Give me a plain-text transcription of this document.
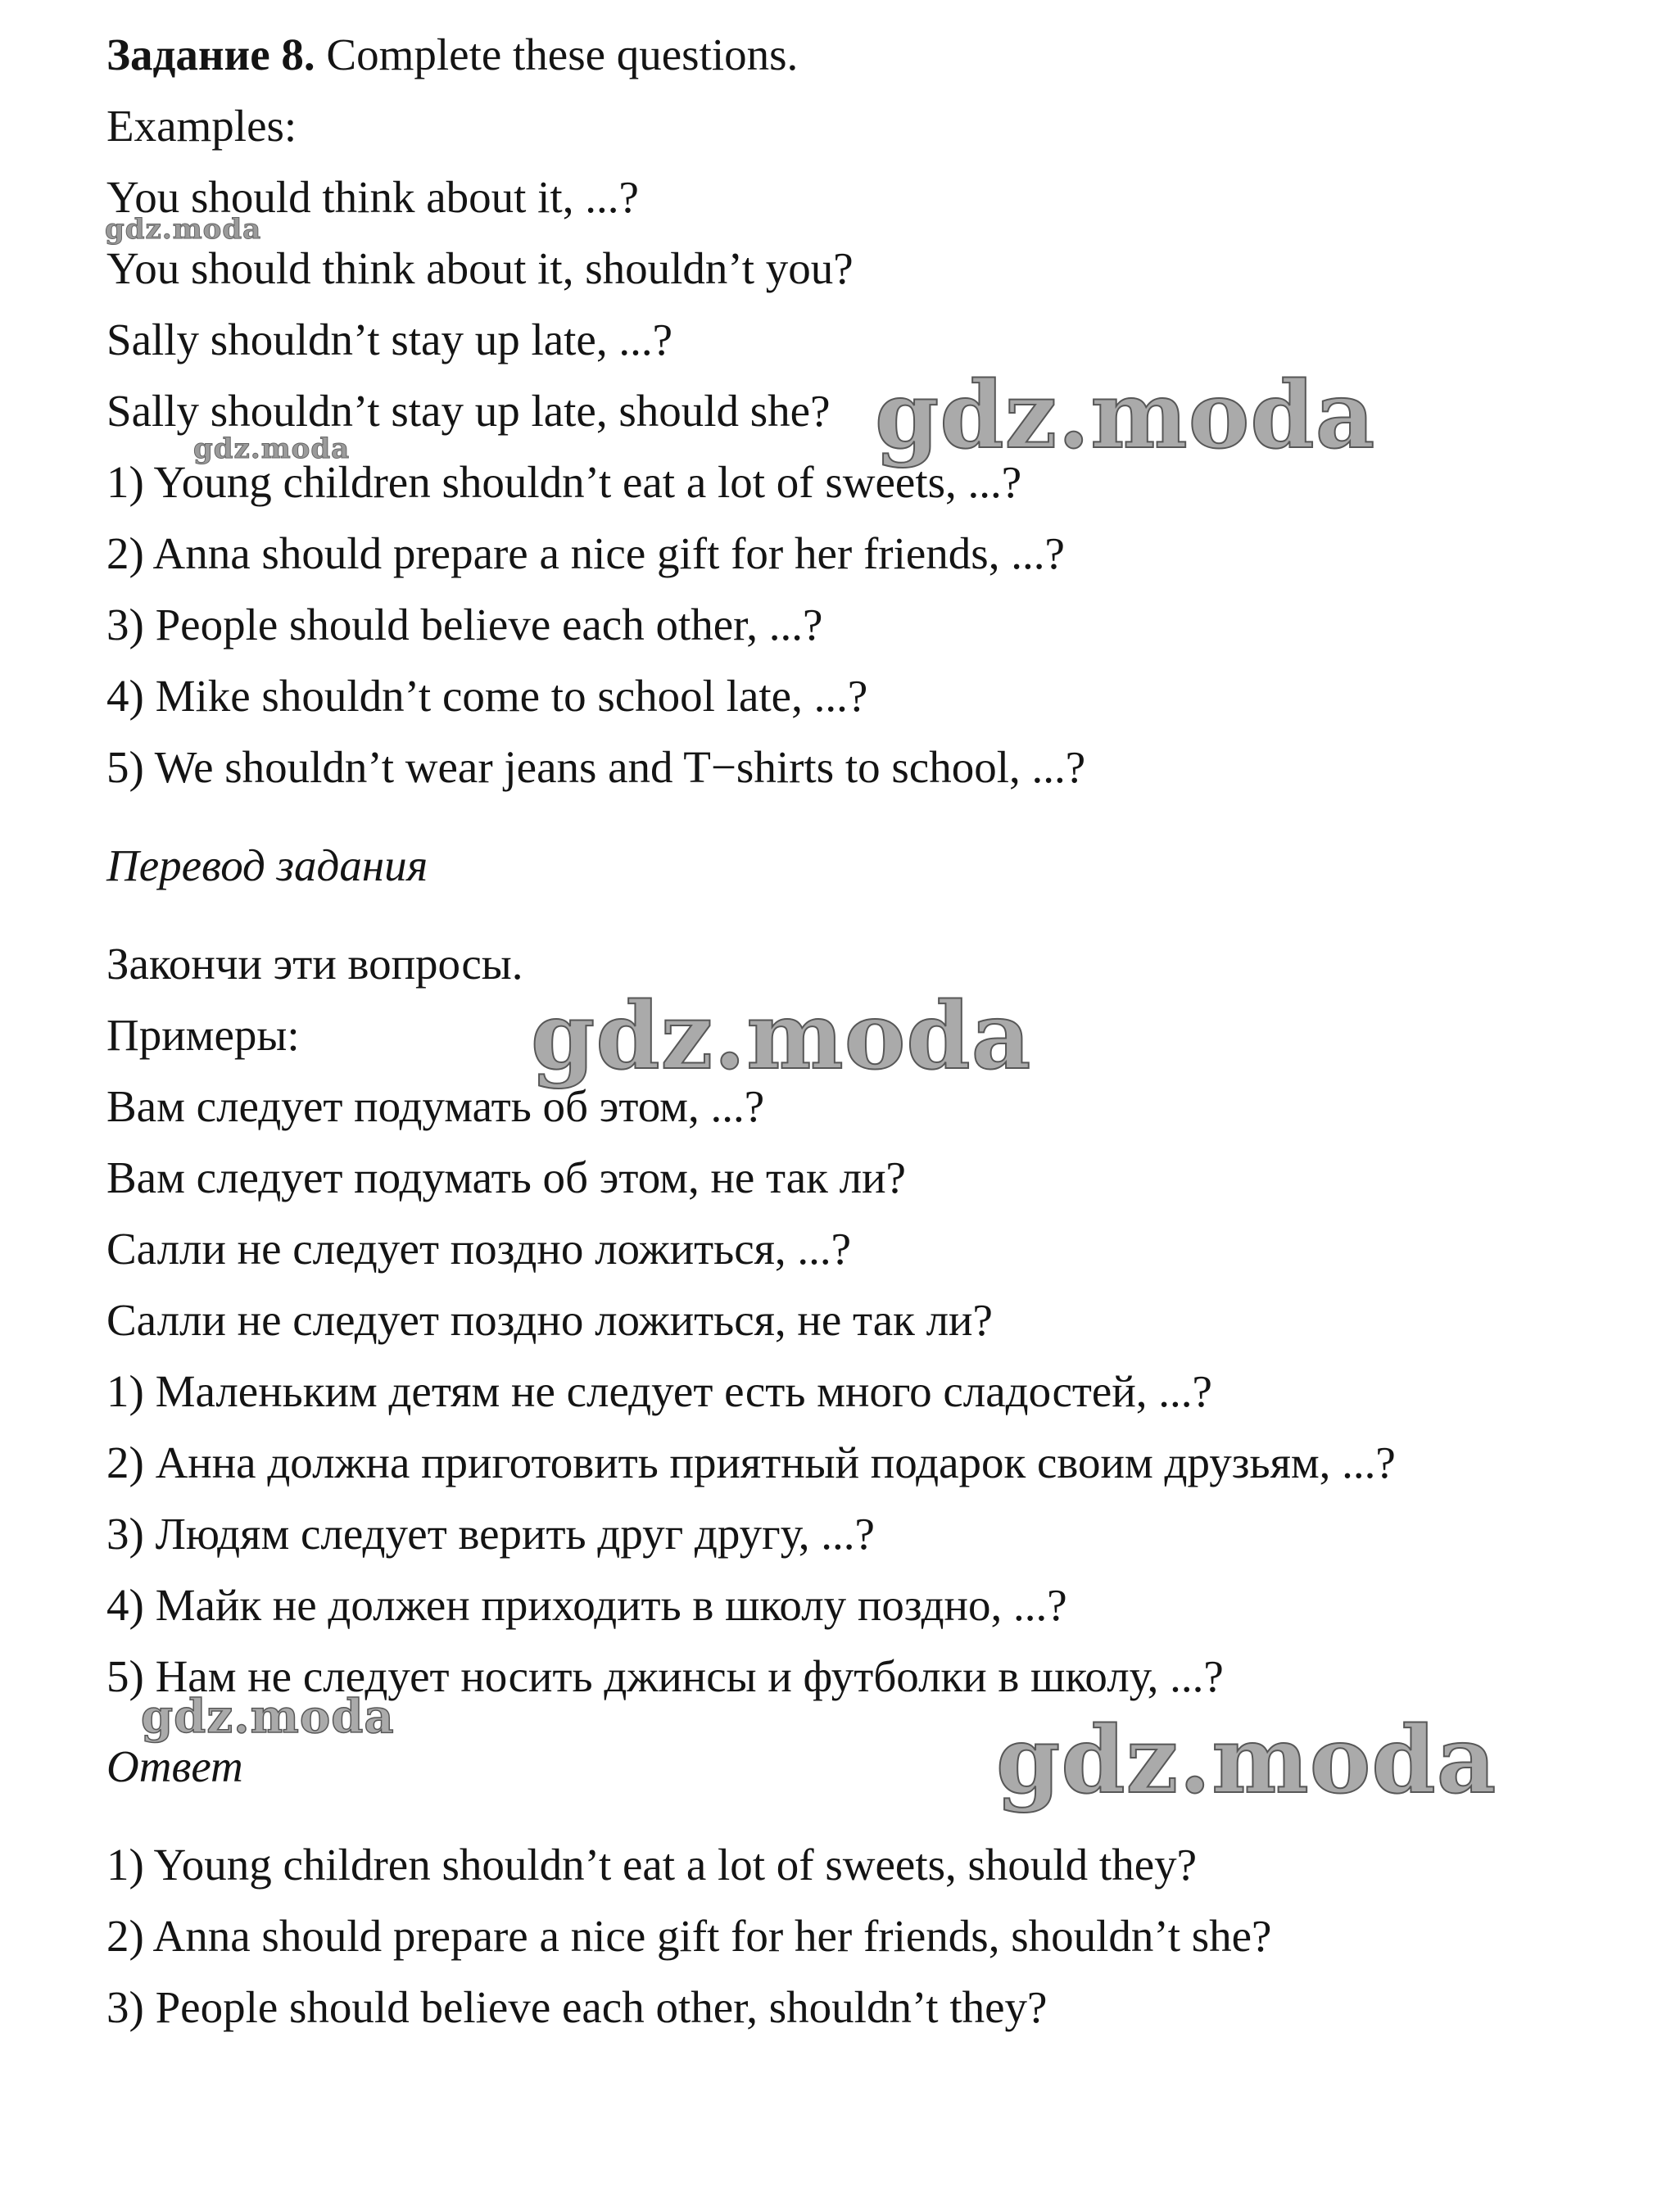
Задание 8. Complete these questions.

Examples:

You should think about it, ...?

You should think about it, shouldn’t you?

Sally shouldn’t stay up late, ...?

Sally shouldn’t stay up late, should she?

1) Young children shouldn’t eat a lot of sweets, ...?

2) Anna should prepare a nice gift for her friends, ...?

3) People should believe each other, ...?

4) Mike shouldn’t come to school late, ...?

5) We shouldn’t wear jeans and T−shirts to school, ...?

Перевод задания

Закончи эти вопросы.

Примеры:

Вам следует подумать об этом, ...?

Вам следует подумать об этом, не так ли?

Салли не следует поздно ложиться, ...?

Салли не следует поздно ложиться, не так ли?

1) Маленьким детям не следует есть много сладостей, ...?

2) Анна должна приготовить приятный подарок своим друзьям, ...?

3) Людям следует верить друг другу, ...?

4) Майк не должен приходить в школу поздно, ...?

5) Нам не следует носить джинсы и футболки в школу, ...?

Ответ

1) Young children shouldn’t eat a lot of sweets, should they?

2) Anna should prepare a nice gift for her friends, shouldn’t she?

3) People should believe each other, shouldn’t they?

gdz.moda
gdz.moda	gdz.moda
gdz.moda
gdz.moda	gdz.moda
